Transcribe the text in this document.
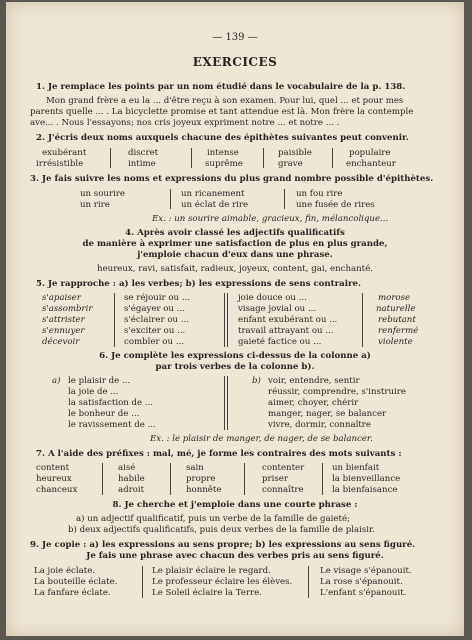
— 139 —
EXERCICES
1. Je remplace les points par un nom étudié dans le vocabulaire de la p. 138.
Mon grand frère a eu la ... d'être reçu à son examen. Pour lui, quel ... et pour mes
parents quelle ... . La bicyclette promise et tant attendue est là. Mon frère la contemple
ave... . Nous l'essayons; nos cris joyeux expriment notre ... et notre ... .
2. J'écris deux noms auxquels chacune des épithètes suivantes peut convenir.
exubérant
irrésistible
discret
intime
intense
suprême
paisible
grave
populaire
enchanteur
3. Je fais suivre les noms et expressions du plus grand nombre possible d'épithètes.
un sourire
un rire
un ricanement
un éclat de rire
un fou rire
une fusée de rires
Ex. : un sourire aimable, gracieux, fin, mélancolique...
4. Après avoir classé les adjectifs qualificatifs
de manière à exprimer une satisfaction de plus en plus grande,
j'emploie chacun d'eux dans une phrase.
heureux, ravi, satisfait, radieux, joyeux, content, gai, enchanté.
5. Je rapproche : a) les verbes; b) les expressions de sens contraire.
s'apaiser
s'assombrir
s'attrister
s'ennuyer
décevoir
se réjouir ou ...
s'égayer ou ...
s'éclairer ou ...
s'exciter ou ...
combler ou ...
joie douce ou ...
visage jovial ou ...
enfant exubérant ou ...
travail attrayant ou ...
gaieté factice ou ...
morose
naturelle
rebutant
renfermé
violente
6. Je complète les expressions ci-dessus de la colonne a)
par trois verbes de la colonne b).
a) le plaisir de ...
la joie de ...
la satisfaction de ...
le bonheur de ...
le ravissement de ...
b) voir, entendre, sentir
réussir, comprendre, s'instruire
aimer, choyer, chérir
manger, nager, se balancer
vivre, dormir, connaître
Ex. : le plaisir de manger, de nager, de se balancer.
7. A l'aide des préfixes : mal, mé, je forme les contraires des mots suivants :
content
heureux
chanceux
aisé
habile
adroit
sain
propre
honnête
contenter
priser
connaître
un bienfait
la bienveillance
la bienfaisance
8. Je cherche et j'emploie dans une courte phrase :
a) un adjectif qualificatif, puis un verbe de la famille de gaieté;
b) deux adjectifs qualificatifs, puis deux verbes de la famille de plaisir.
9. Je copie : a) les expressions au sens propre; b) les expressions au sens figuré.
Je fais une phrase avec chacun des verbes pris au sens figuré.
La joie éclate.
La bouteille éclate.
La fanfare éclate.
Le plaisir éclaire le regard.
Le professeur éclaire les élèves.
Le Soleil éclaire la Terre.
Le visage s'épanouit.
La rose s'épanouit.
L'enfant s'épanouit.
